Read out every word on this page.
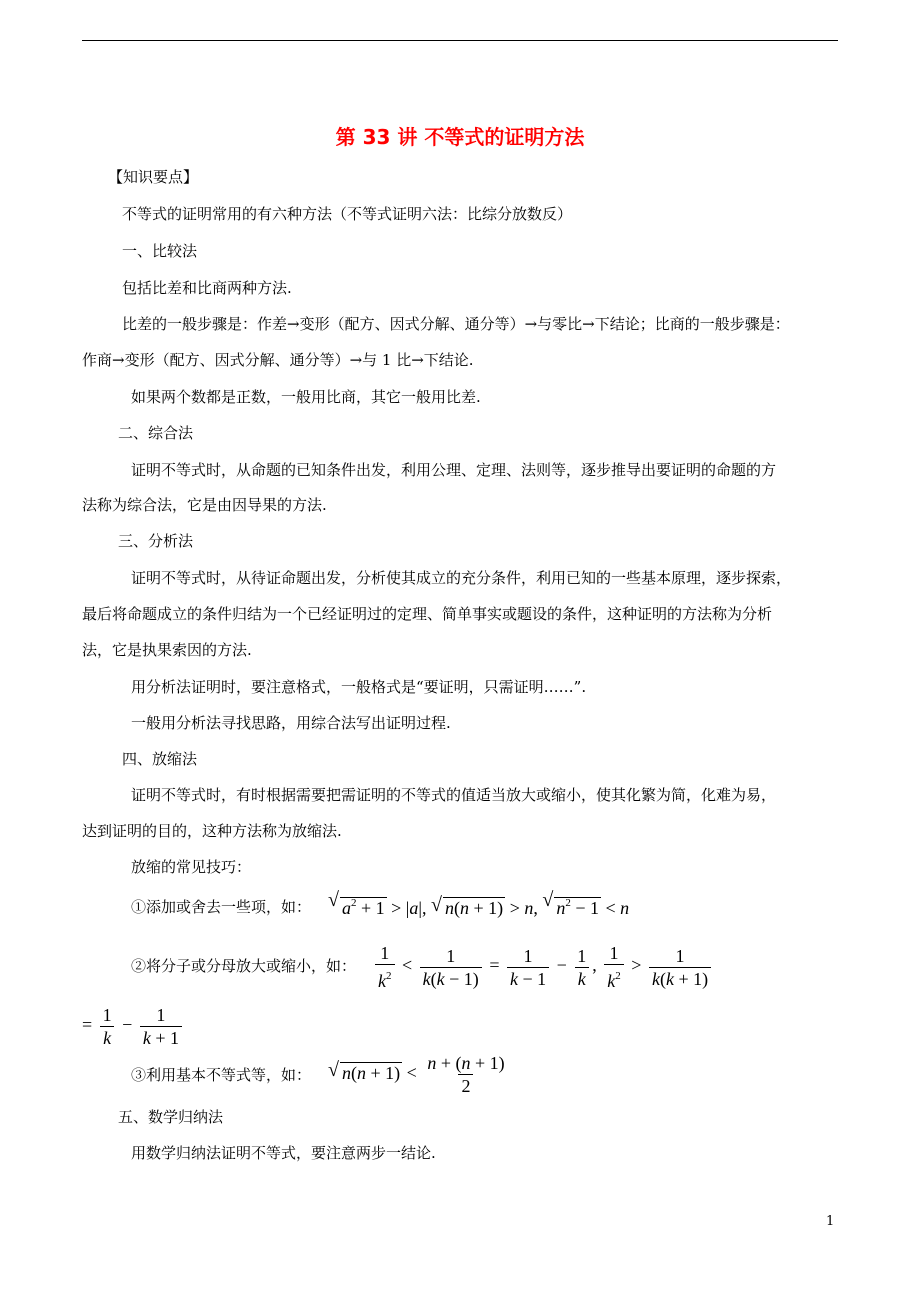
第 33 讲 不等式的证明方法
【知识要点】
不等式的证明常用的有六种方法（不等式证明六法：比综分放数反）
一、比较法
包括比差和比商两种方法.
比差的一般步骤是：作差→变形（配方、因式分解、通分等）→与零比→下结论；比商的一般步骤是：
作商→变形（配方、因式分解、通分等）→与 1 比→下结论.
如果两个数都是正数，一般用比商，其它一般用比差.
二、综合法
证明不等式时，从命题的已知条件出发，利用公理、定理、法则等，逐步推导出要证明的命题的方
法称为综合法，它是由因导果的方法.
三、分析法
证明不等式时，从待证命题出发，分析使其成立的充分条件，利用已知的一些基本原理，逐步探索，
最后将命题成立的条件归结为一个已经证明过的定理、简单事实或题设的条件，这种证明的方法称为分析
法，它是执果索因的方法.
用分析法证明时，要注意格式，一般格式是“要证明，只需证明……”.
一般用分析法寻找思路，用综合法写出证明过程.
四、放缩法
证明不等式时，有时根据需要把需证明的不等式的值适当放大或缩小，使其化繁为简，化难为易，
达到证明的目的，这种方法称为放缩法.
放缩的常见技巧：
①添加或舍去一些项，如： √ $a^2 + 1 > |a|$, √ n(n + 1) > n, √ $n^2 - 1 < n$
②将分子或分母放大或缩小，如： $\frac{1}{k^2} < \frac{1}{k(k - 1)} = \frac{1}{k - 1} - \frac{1}{k}$ , $\frac{1}{k^2} > \frac{1}{k(k + 1)}$
= $\frac{1}{k} - \frac{1}{k + 1}$
③利用基本不等式等，如： √ $n(n + 1) < \frac{n + (n + 1)}{2}$
五、数学归纳法
用数学归纳法证明不等式，要注意两步一结论.
1
